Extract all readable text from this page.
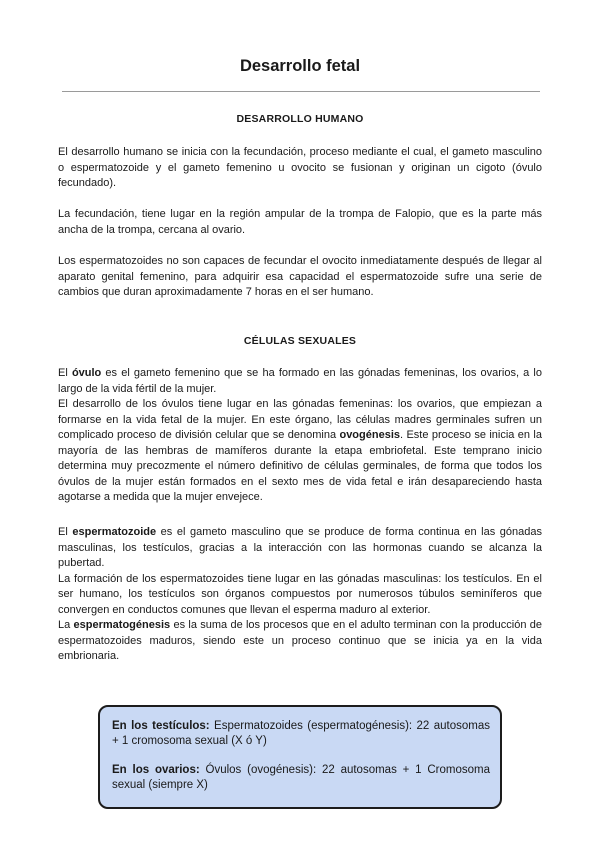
Desarrollo fetal
DESARROLLO HUMANO

El desarrollo humano se inicia con la fecundación, proceso mediante el cual, el gameto masculino o espermatozoide y el gameto femenino u ovocito se fusionan y originan un cigoto (óvulo fecundado).

La fecundación, tiene lugar en la región ampular de la trompa de Falopio, que es la parte más ancha de la trompa, cercana al ovario.

Los espermatozoides no son capaces de fecundar el ovocito inmediatamente después de llegar al aparato genital femenino, para adquirir esa capacidad el espermatozoide sufre una serie de cambios que duran aproximadamente 7 horas en el ser humano.

CÉLULAS SEXUALES

El óvulo es el gameto femenino que se ha formado en las gónadas femeninas, los ovarios, a lo largo de la vida fértil de la mujer.
El desarrollo de los óvulos tiene lugar en las gónadas femeninas: los ovarios, que empiezan a formarse en la vida fetal de la mujer. En este órgano, las células madres germinales sufren un complicado proceso de división celular que se denomina ovogénesis. Este proceso se inicia en la mayoría de las hembras de mamíferos durante la etapa embriofetal. Este temprano inicio determina muy precozmente el número definitivo de células germinales, de forma que todos los óvulos de la mujer están formados en el sexto mes de vida fetal e irán desapareciendo hasta agotarse a medida que la mujer envejece.

El espermatozoide es el gameto masculino que se produce de forma continua en las gónadas masculinas, los testículos, gracias a la interacción con las hormonas cuando se alcanza la pubertad.
La formación de los espermatozoides tiene lugar en las gónadas masculinas: los testículos. En el ser humano, los testículos son órganos compuestos por numerosos túbulos seminíferos que convergen en conductos comunes que llevan el esperma maduro al exterior.
La espermatogénesis es la suma de los procesos que en el adulto terminan con la producción de espermatozoides maduros, siendo este un proceso continuo que se inicia ya en la vida embrionaria.

En los testículos: Espermatozoides (espermatogénesis): 22 autosomas + 1 cromosoma sexual (X ó Y)

En los ovarios: Óvulos (ovogénesis): 22 autosomas + 1 Cromosoma sexual (siempre X)
